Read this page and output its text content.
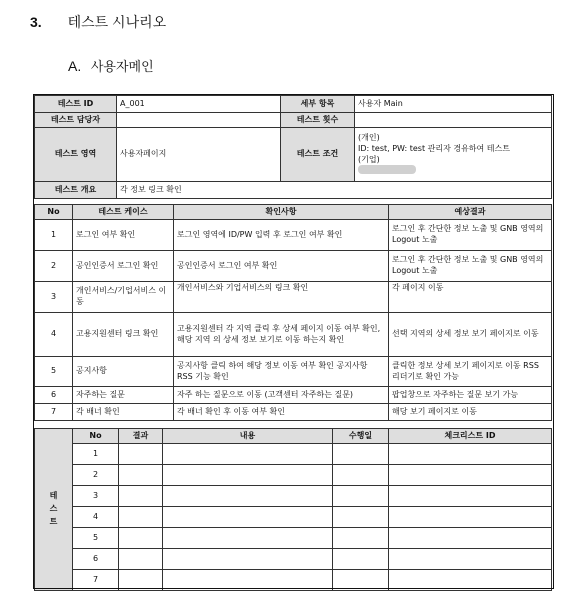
3. 테스트 시나리오
A. 사용자메인
테스트 ID	A_001	세부 항목	사용자 Main
테스트 담당자		테스트 횟수	
테스트 영역	사용자페이지	테스트 조건	(개인)
ID: test, PW: test 관리자 경유하여 테스트
(기업)

테스트 개요	각 정보 링크 확인		
No	테스트 케이스	확인사항	예상결과
1	로그인 여부 확인	로그인 영역에 ID/PW 입력 후 로그인 여부 확인	로그인 후 간단한 정보 노출 및 GNB 영역의 Logout 노출
2	공인인증서 로그인 확인	공인인증서 로그인 여부 확인	로그인 후 간단한 정보 노출 및 GNB 영역의 Logout 노출
3	개인서비스/기업서비스 이동	개인서비스와 기업서비스의 링크 확인	각 페이지 이동
4	고용지원센터 링크 확인	고용지원센터 각 지역 클릭 후 상세 페이지 이동 여부 확인, 해당 지역 의 상세 정보 보기로 이동 하는지 확인	선택 지역의 상세 정보 보기 페이지로 이동
5	공지사항	공지사항 클릭 하여 해당 정보 이동 여부 확인 공지사항 RSS 기능 확인	클릭한 정보 상세 보기 페이지로 이동 RSS 리더기로 확인 가능
6	자주하는 질문	자주 하는 질문으로 이동 (고객센터 자주하는 질문)	팝업창으로 자주하는 질문 보기 가능
7	각 배너 확인	각 배너 확인 후 이동 여부 확인	해당 보기 페이지로 이동
테
스
트	No	결과	내용	수행일	체크리스트 ID
	1				
	2				
	3				
	4				
	5				
	6				
	7				
